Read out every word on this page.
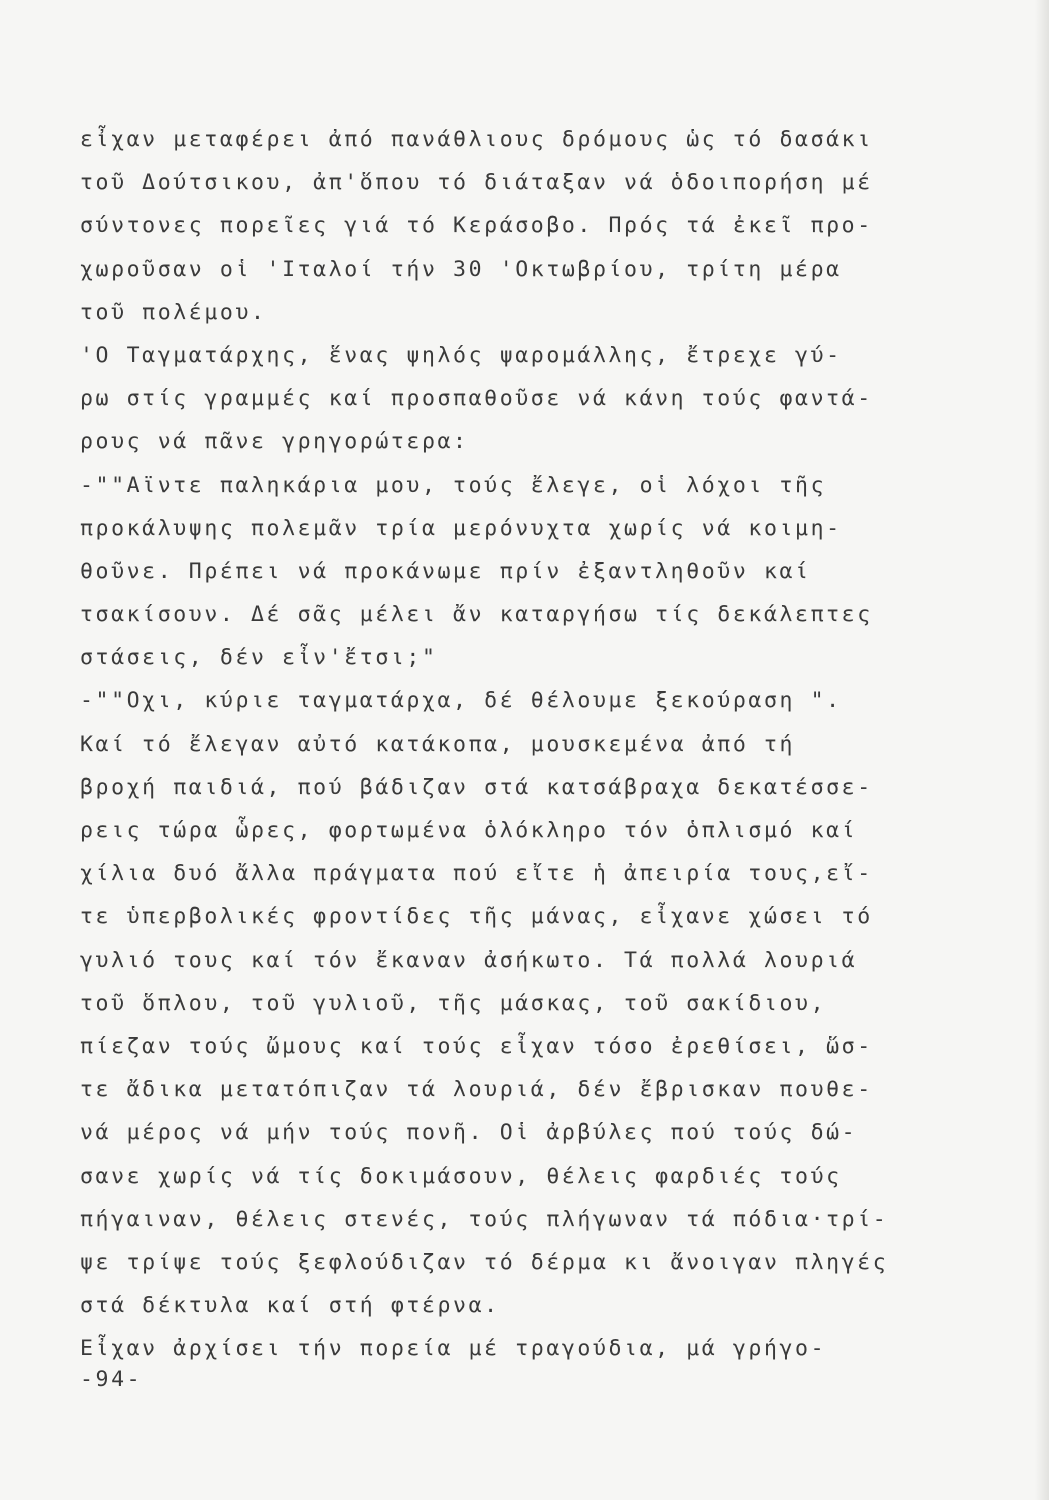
εἶχαν μεταφέρει ἀπό πανάθλιους δρόμους ὡς τό δασάκι
τοῦ Δούτσικου, ἀπ'ὅπου τό διάταξαν νά ὁδοιπορήση μέ
σύντονες πορεῖες γιά τό Κεράσοβο. Πρός τά ἐκεῖ προ-
χωροῦσαν οἱ 'Ιταλοί τήν 30 'Οκτωβρίου, τρίτη μέρα
τοῦ πολέμου.
'Ο Ταγματάρχης, ἕνας ψηλός ψαρομάλλης, ἔτρεχε γύ-
ρω στίς γραμμές καί προσπαθοῦσε νά κάνη τούς φαντά-
ρους νά πᾶνε γρηγορώτερα:
-""Αϊντε παληκάρια μου, τούς ἔλεγε, οἱ λόχοι τῆς
προκάλυψης πολεμᾶν τρία μερόνυχτα χωρίς νά κοιμη-
θοῦνε. Πρέπει νά προκάνωμε πρίν ἐξαντληθοῦν καί
τσακίσουν. Δέ σᾶς μέλει ἄν καταργήσω τίς δεκάλεπτες
στάσεις, δέν εἶν'ἔτσι;"
-""Οχι, κύριε ταγματάρχα, δέ θέλουμε ξεκούραση ".
Καί τό ἔλεγαν αὐτό κατάκοπα, μουσκεμένα ἀπό τή
βροχή παιδιά, πού βάδιζαν στά κατσάβραχα δεκατέσσε-
ρεις τώρα ὧρες, φορτωμένα ὁλόκληρο τόν ὁπλισμό καί
χίλια δυό ἄλλα πράγματα πού εἴτε ἡ ἀπειρία τους,εἴ-
τε ὑπερβολικές φροντίδες τῆς μάνας, εἶχανε χώσει τό
γυλιό τους καί τόν ἔκαναν ἀσήκωτο. Τά πολλά λουριά
τοῦ ὅπλου, τοῦ γυλιοῦ, τῆς μάσκας, τοῦ σακίδιου,
πίεζαν τούς ὤμους καί τούς εἶχαν τόσο ἐρεθίσει, ὥσ-
τε ἄδικα μετατόπιζαν τά λουριά, δέν ἔβρισκαν πουθε-
νά μέρος νά μήν τούς πονῆ. Οἱ ἀρβύλες πού τούς δώ-
σανε χωρίς νά τίς δοκιμάσουν, θέλεις φαρδιές τούς
πήγαιναν, θέλεις στενές, τούς πλήγωναν τά πόδια·τρί-
ψε τρίψε τούς ξεφλούδιζαν τό δέρμα κι ἄνοιγαν πληγές
στά δέκτυλα καί στή φτέρνα.
Εἶχαν ἀρχίσει τήν πορεία μέ τραγούδια, μά γρήγο-
-94-
